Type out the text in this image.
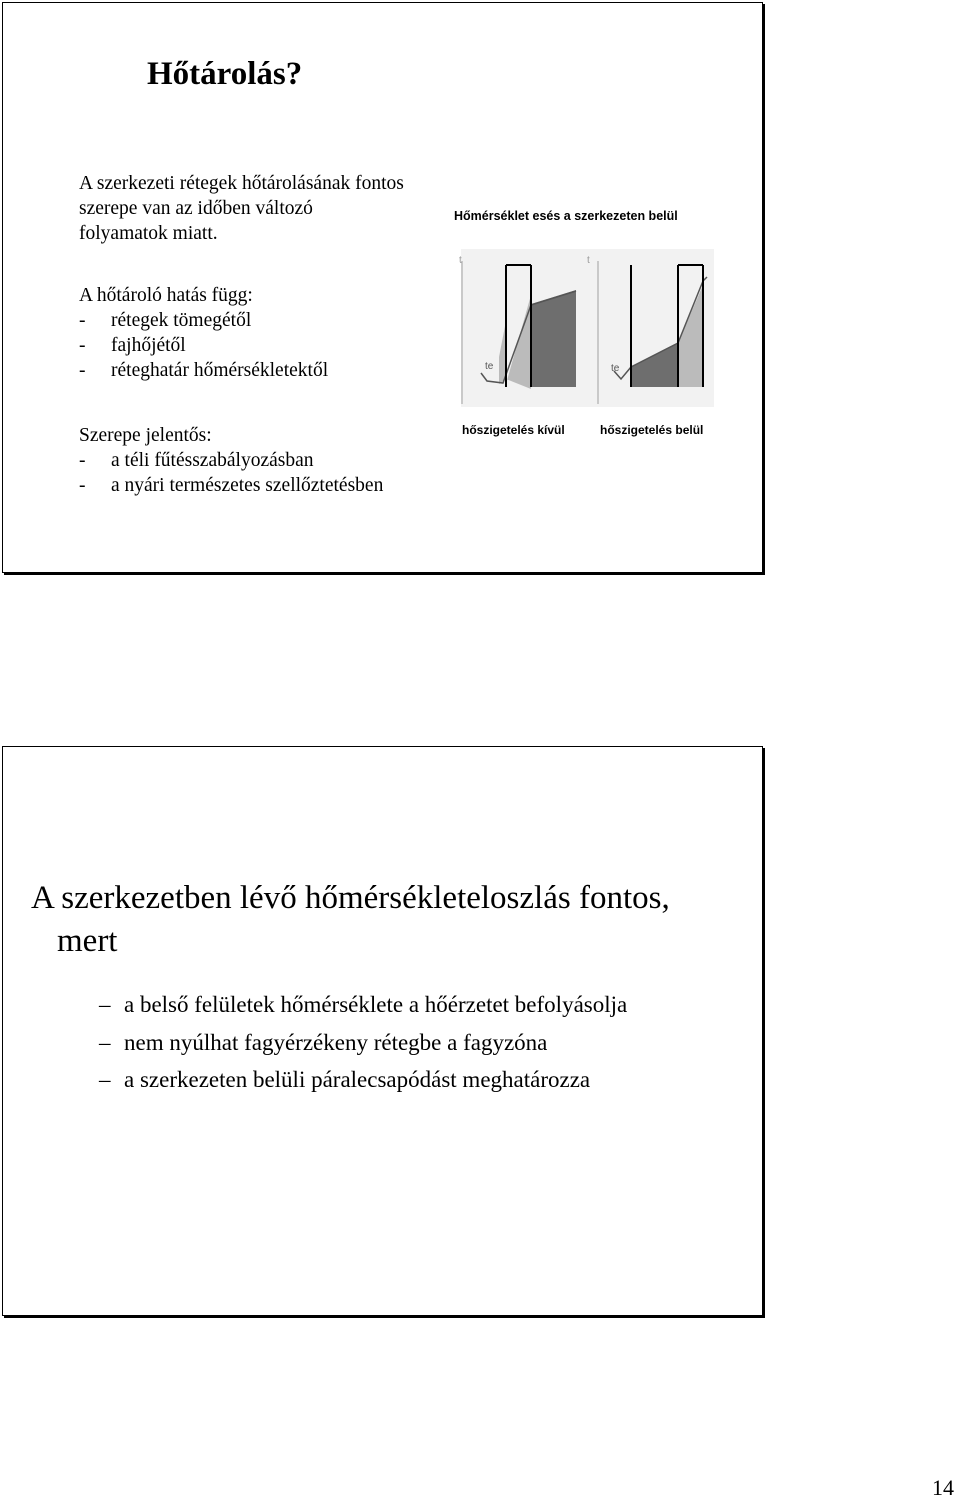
Hőtárolás?
A szerkezeti rétegek hőtárolásának fontos
szerepe van az időben változó
folyamatok miatt.
A hőtároló hatás függ:
- rétegek tömegétől
- fajhőjétől
- réteghatár hőmérsékletektől
Szerepe jelentős:
- a téli fűtésszabályozásban
- a nyári természetes szellőztetésben
Hőmérséklet esés a szerkezeten belül
t
te
t
te
hőszigetelés kívül	hőszigetelés belül
A szerkezetben lévő hőmérsékleteloszlás fontos,
mert
– a belső felületek hőmérséklete a hőérzetet befolyásolja
– nem nyúlhat fagyérzékeny rétegbe a fagyzóna
– a szerkezeten belüli páralecsapódást meghatározza
14
